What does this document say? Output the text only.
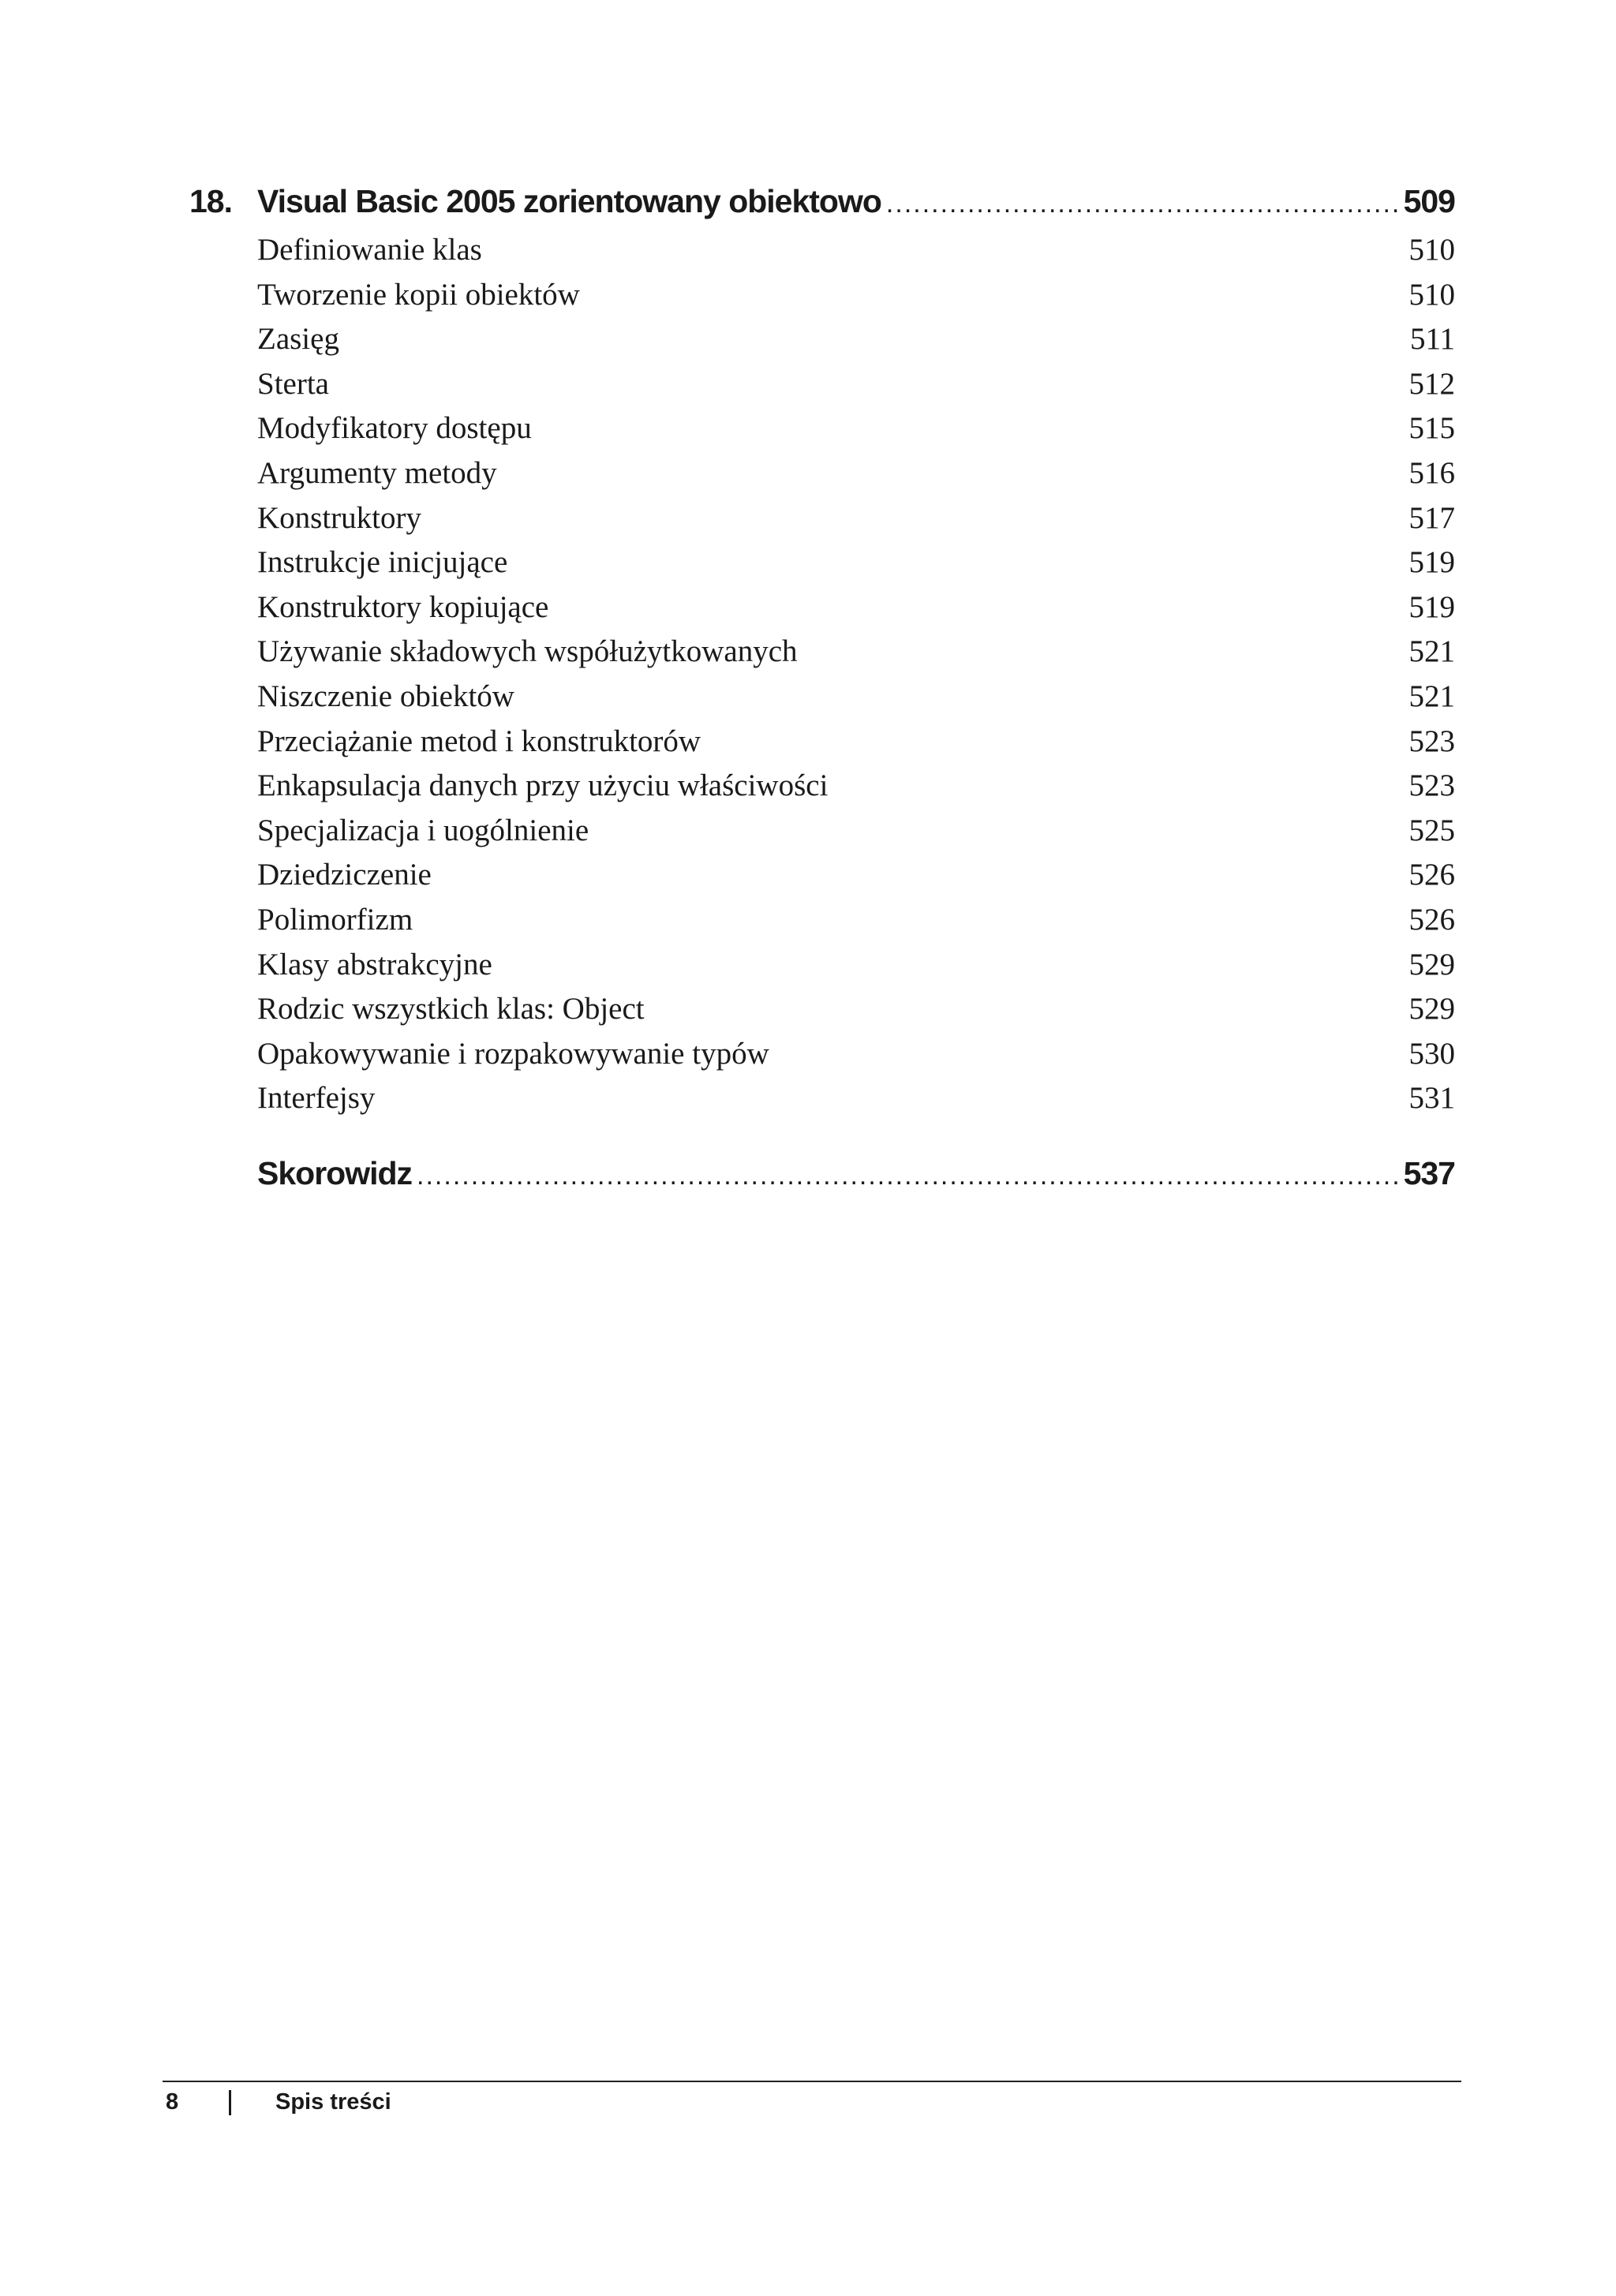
18. Visual Basic 2005 zorientowany obiektowo .....	509
Definiowanie klas	510
Tworzenie kopii obiektów	510
Zasięg	511
Sterta	512
Modyfikatory dostępu	515
Argumenty metody	516
Konstruktory	517
Instrukcje inicjujące	519
Konstruktory kopiujące	519
Używanie składowych współużytkowanych	521
Niszczenie obiektów	521
Przeciążanie metod i konstruktorów	523
Enkapsulacja danych przy użyciu właściwości	523
Specjalizacja i uogólnienie	525
Dziedziczenie	526
Polimorfizm	526
Klasy abstrakcyjne	529
Rodzic wszystkich klas: Object	529
Opakowywanie i rozpakowywanie typów	530
Interfejsy	531
Skorowidz .....	537
8	Spis treści
